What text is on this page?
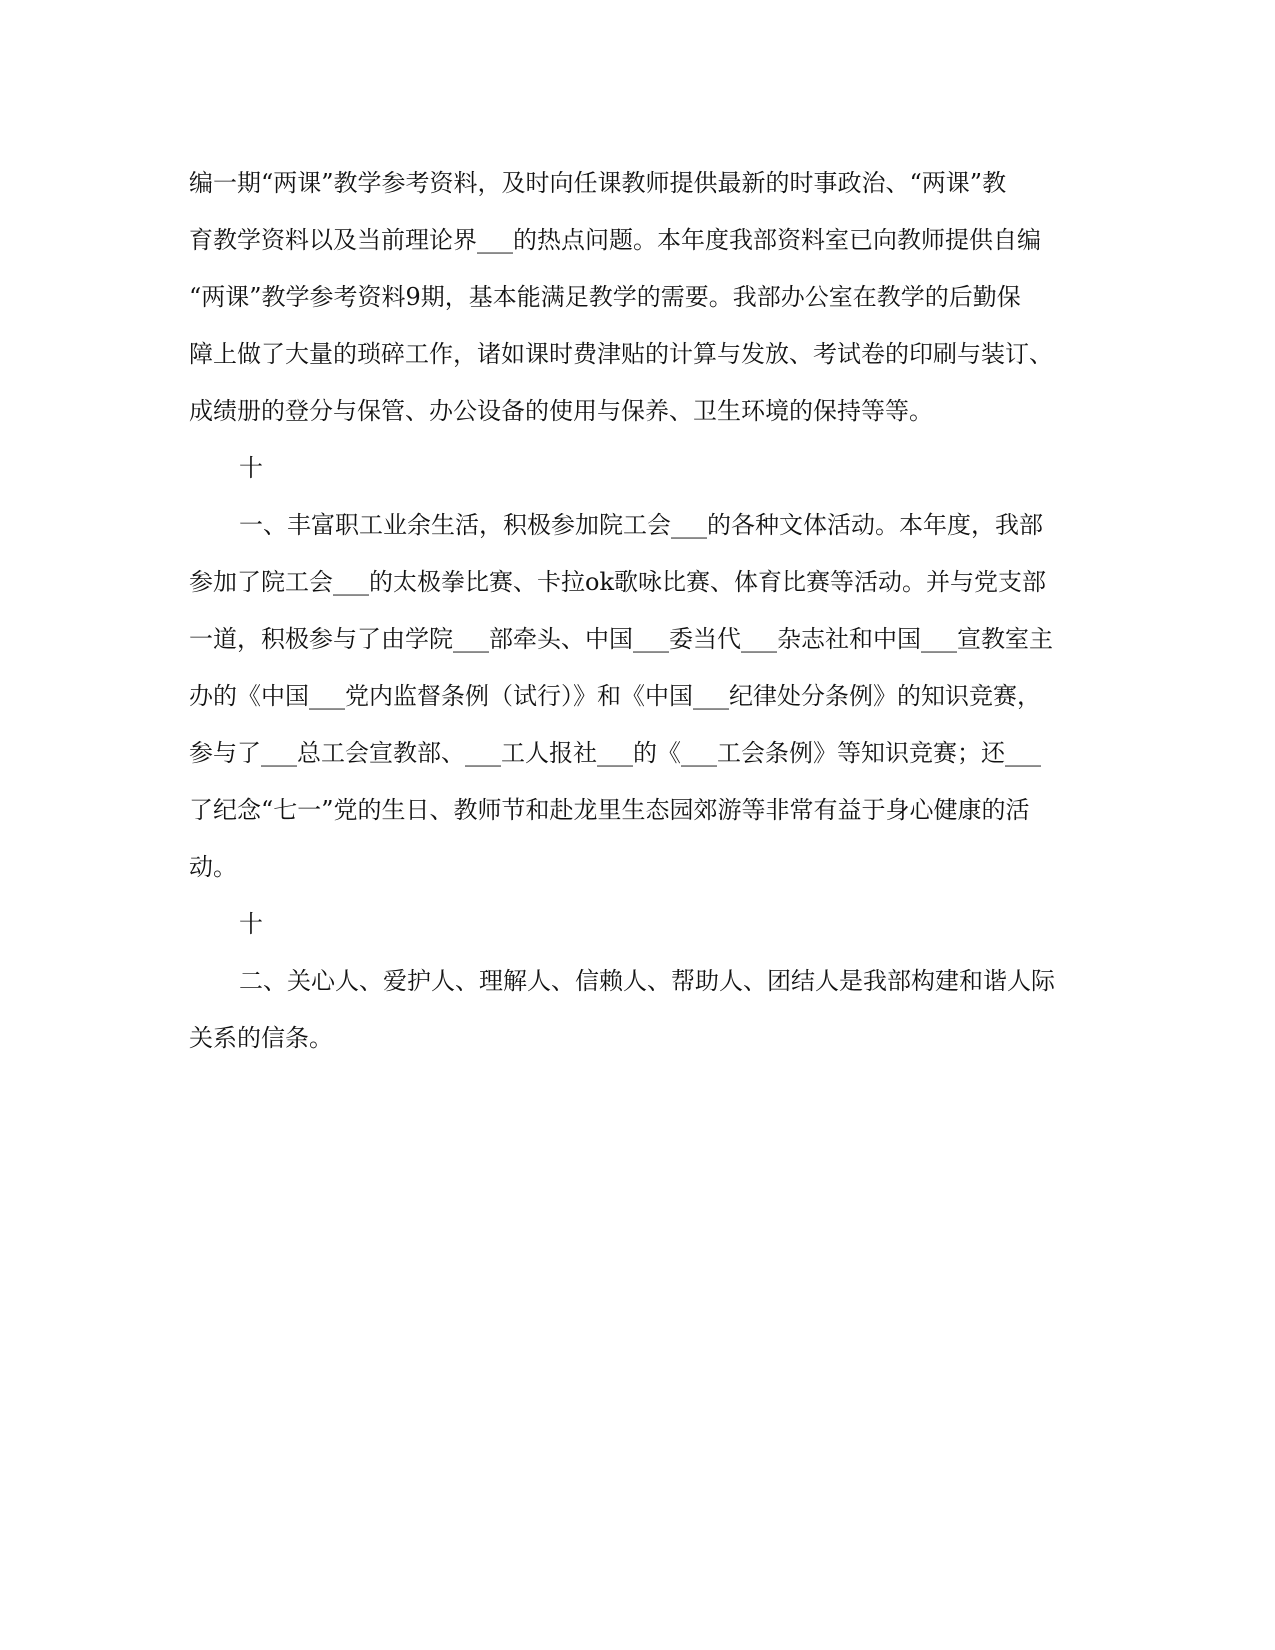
编一期“两课”教学参考资料，及时向任课教师提供最新的时事政治、“两课”教
育教学资料以及当前理论界___的热点问题。本年度我部资料室已向教师提供自编
“两课”教学参考资料9期，基本能满足教学的需要。我部办公室在教学的后勤保
障上做了大量的琐碎工作，诸如课时费津贴的计算与发放、考试卷的印刷与装订、
成绩册的登分与保管、办公设备的使用与保养、卫生环境的保持等等。
十
一、丰富职工业余生活，积极参加院工会___的各种文体活动。本年度，我部
参加了院工会___的太极拳比赛、卡拉ok歌咏比赛、体育比赛等活动。并与党支部
一道，积极参与了由学院___部牵头、中国___委当代___杂志社和中国___宣教室主
办的《中国___党内监督条例（试行）》和《中国___纪律处分条例》的知识竞赛，
参与了___总工会宣教部、___工人报社___的《___工会条例》等知识竞赛；还___
了纪念“七一”党的生日、教师节和赴龙里生态园郊游等非常有益于身心健康的活
动。
十
二、关心人、爱护人、理解人、信赖人、帮助人、团结人是我部构建和谐人际
关系的信条。
